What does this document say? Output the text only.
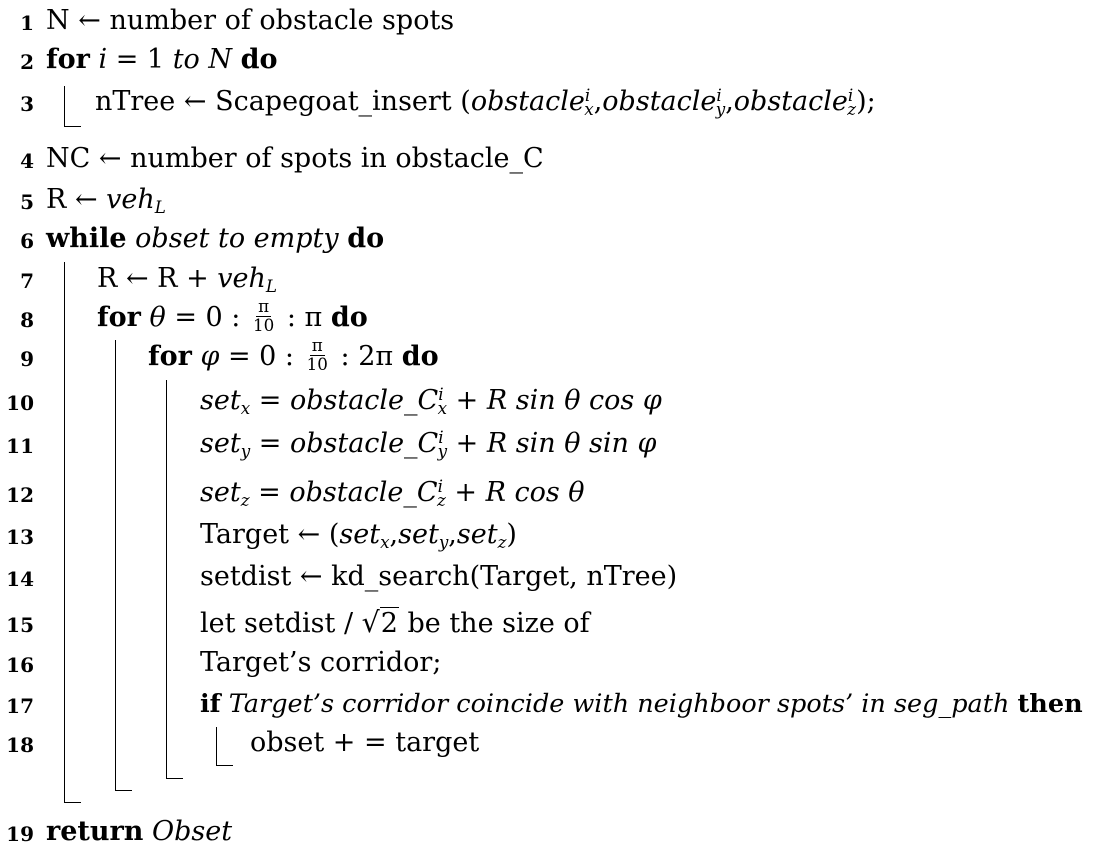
1 N ← number of obstacle spots
2 for i = 1 to N do
3 nTree ← Scapegoat_insert (obstacle$^i_x$,obstacle$^i_y$,obstacle$^i_z$);
4 NC ← number of spots in obstacle_C
5 R ← veh$_L$
6 while obset to empty do
7 R ← R + veh$_L$
8 for θ = 0 : $\frac{\pi}{10}$ : π do
9	for φ = 0 : $\frac{\pi}{10}$ : 2π do
10	$set_x = obstacle\_C^i_x + R$ sin θ cos φ
11	$set_y = obstacle\_C^i_y + R$ sin θ sin φ
12	$set_z = obstacle\_C^i_z + R$ cos θ
13	Target ← (set$_x$,set$_y$,set$_z$)
14	setdist ← kd_search(Target, nTree)
15	let setdist / √2 be the size of
16	Target’s corridor;
17	if Target’s corridor coincide with neighboor spots’ in seg_path then
18	obset + = target
19 return Obset
